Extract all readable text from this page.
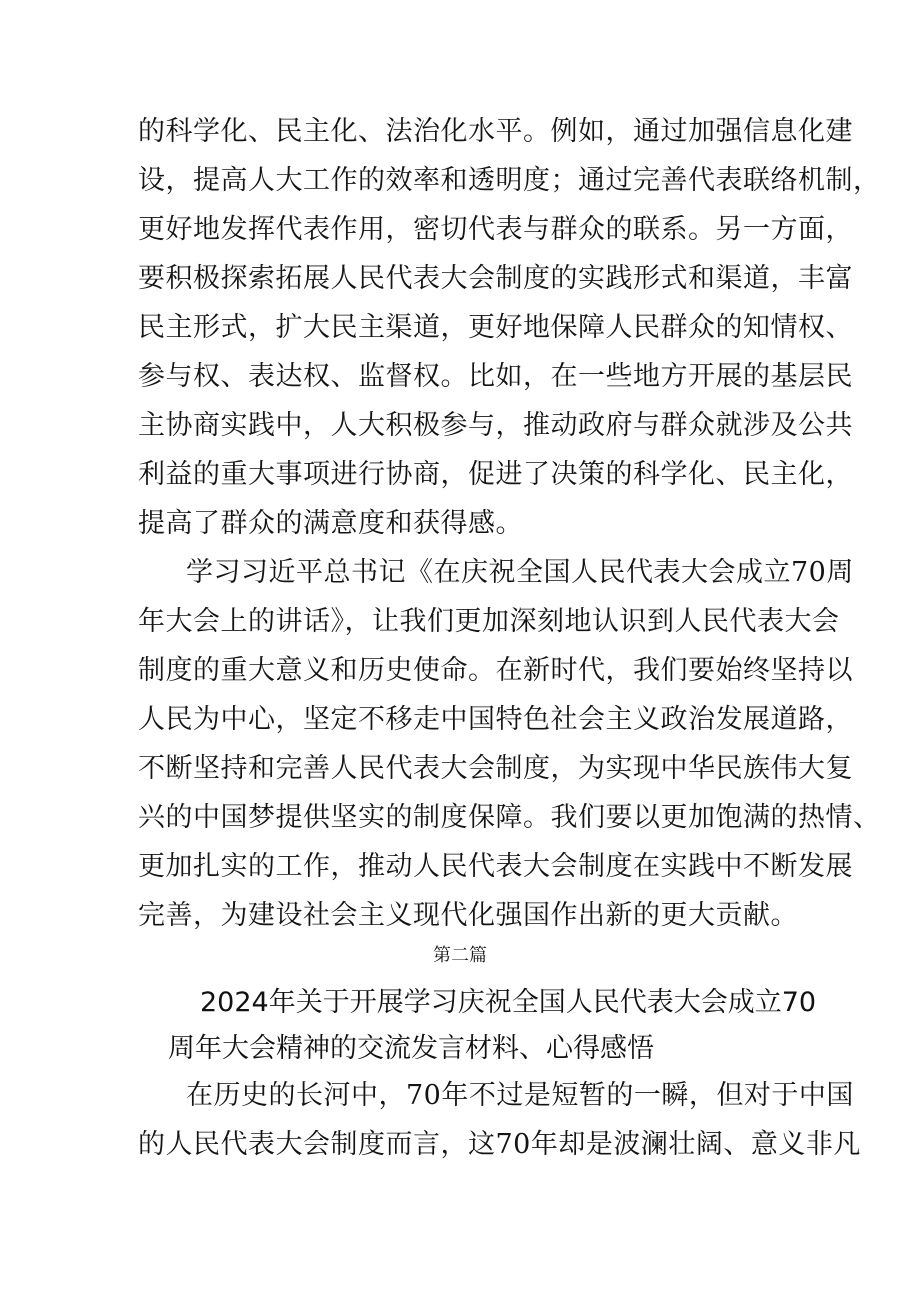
的科学化、民主化、法治化水平。例如，通过加强信息化建
设，提高人大工作的效率和透明度；通过完善代表联络机制，
更好地发挥代表作用，密切代表与群众的联系。另一方面，
要积极探索拓展人民代表大会制度的实践形式和渠道，丰富
民主形式，扩大民主渠道，更好地保障人民群众的知情权、
参与权、表达权、监督权。比如，在一些地方开展的基层民
主协商实践中，人大积极参与，推动政府与群众就涉及公共
利益的重大事项进行协商，促进了决策的科学化、民主化，
提高了群众的满意度和获得感。
学习习近平总书记《在庆祝全国人民代表大会成立70周
年大会上的讲话》，让我们更加深刻地认识到人民代表大会
制度的重大意义和历史使命。在新时代，我们要始终坚持以
人民为中心，坚定不移走中国特色社会主义政治发展道路，
不断坚持和完善人民代表大会制度，为实现中华民族伟大复
兴的中国梦提供坚实的制度保障。我们要以更加饱满的热情、
更加扎实的工作，推动人民代表大会制度在实践中不断发展
完善，为建设社会主义现代化强国作出新的更大贡献。
第二篇
2024年关于开展学习庆祝全国人民代表大会成立70
周年大会精神的交流发言材料、心得感悟
在历史的长河中，70年不过是短暂的一瞬，但对于中国
的人民代表大会制度而言，这70年却是波澜壮阔、意义非凡
